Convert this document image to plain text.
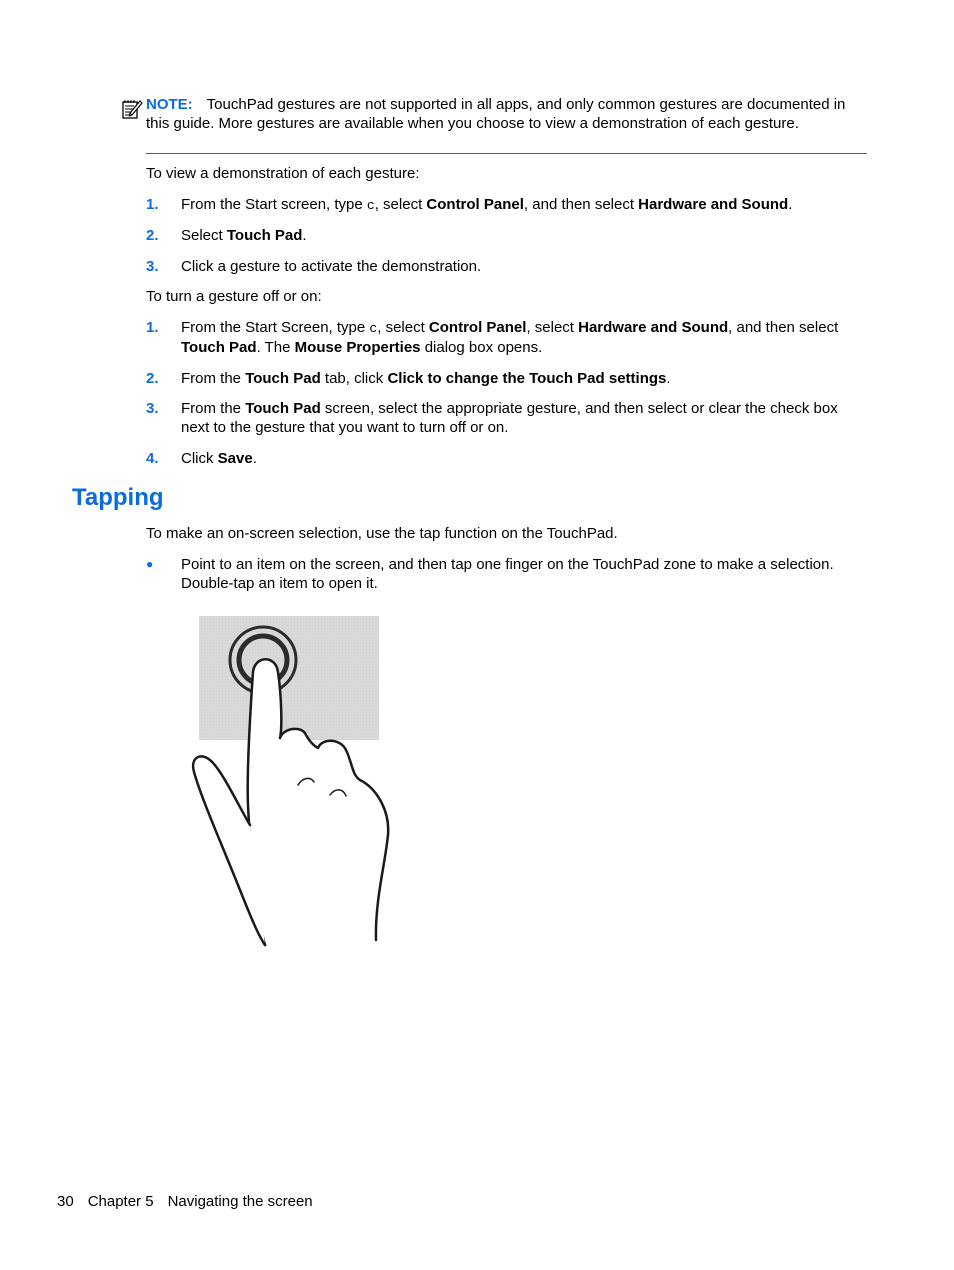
NOTE: TouchPad gestures are not supported in all apps, and only common gestures are documented in this guide. More gestures are available when you choose to view a demonstration of each gesture.
To view a demonstration of each gesture:
1. From the Start screen, type c, select Control Panel, and then select Hardware and Sound.
2. Select Touch Pad.
3. Click a gesture to activate the demonstration.
To turn a gesture off or on:
1. From the Start Screen, type c, select Control Panel, select Hardware and Sound, and then select Touch Pad. The Mouse Properties dialog box opens.
2. From the Touch Pad tab, click Click to change the Touch Pad settings.
3. From the Touch Pad screen, select the appropriate gesture, and then select or clear the check box next to the gesture that you want to turn off or on.
4. Click Save.
Tapping
To make an on-screen selection, use the tap function on the TouchPad.
● Point to an item on the screen, and then tap one finger on the TouchPad zone to make a selection. Double-tap an item to open it.
30 Chapter 5 Navigating the screen
